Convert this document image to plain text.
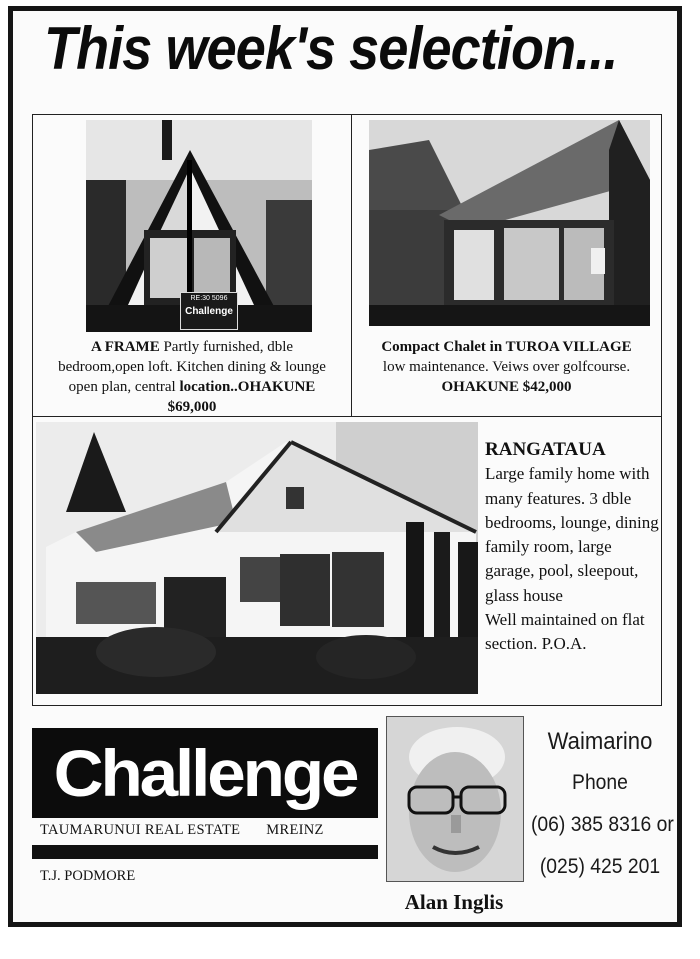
This week's selection...
RE:30 5096
Challenge
A FRAME Partly furnished, dble
bedroom,open loft. Kitchen dining & lounge
open plan, central location..OHAKUNE
$69,000
Compact Chalet in TUROA VILLAGE
low maintenance. Veiws over golfcourse.
OHAKUNE $42,000
RANGATAUA
Large family home with many features. 3 dble bedrooms, lounge, dining family room, large garage, pool, sleepout, glass house
Well maintained on flat section. P.O.A.
Challenge
TAUMARUNUI REAL ESTATE MREINZ
T.J. PODMORE
Alan Inglis
Waimarino
Phone
(06) 385 8316 or
(025) 425 201
